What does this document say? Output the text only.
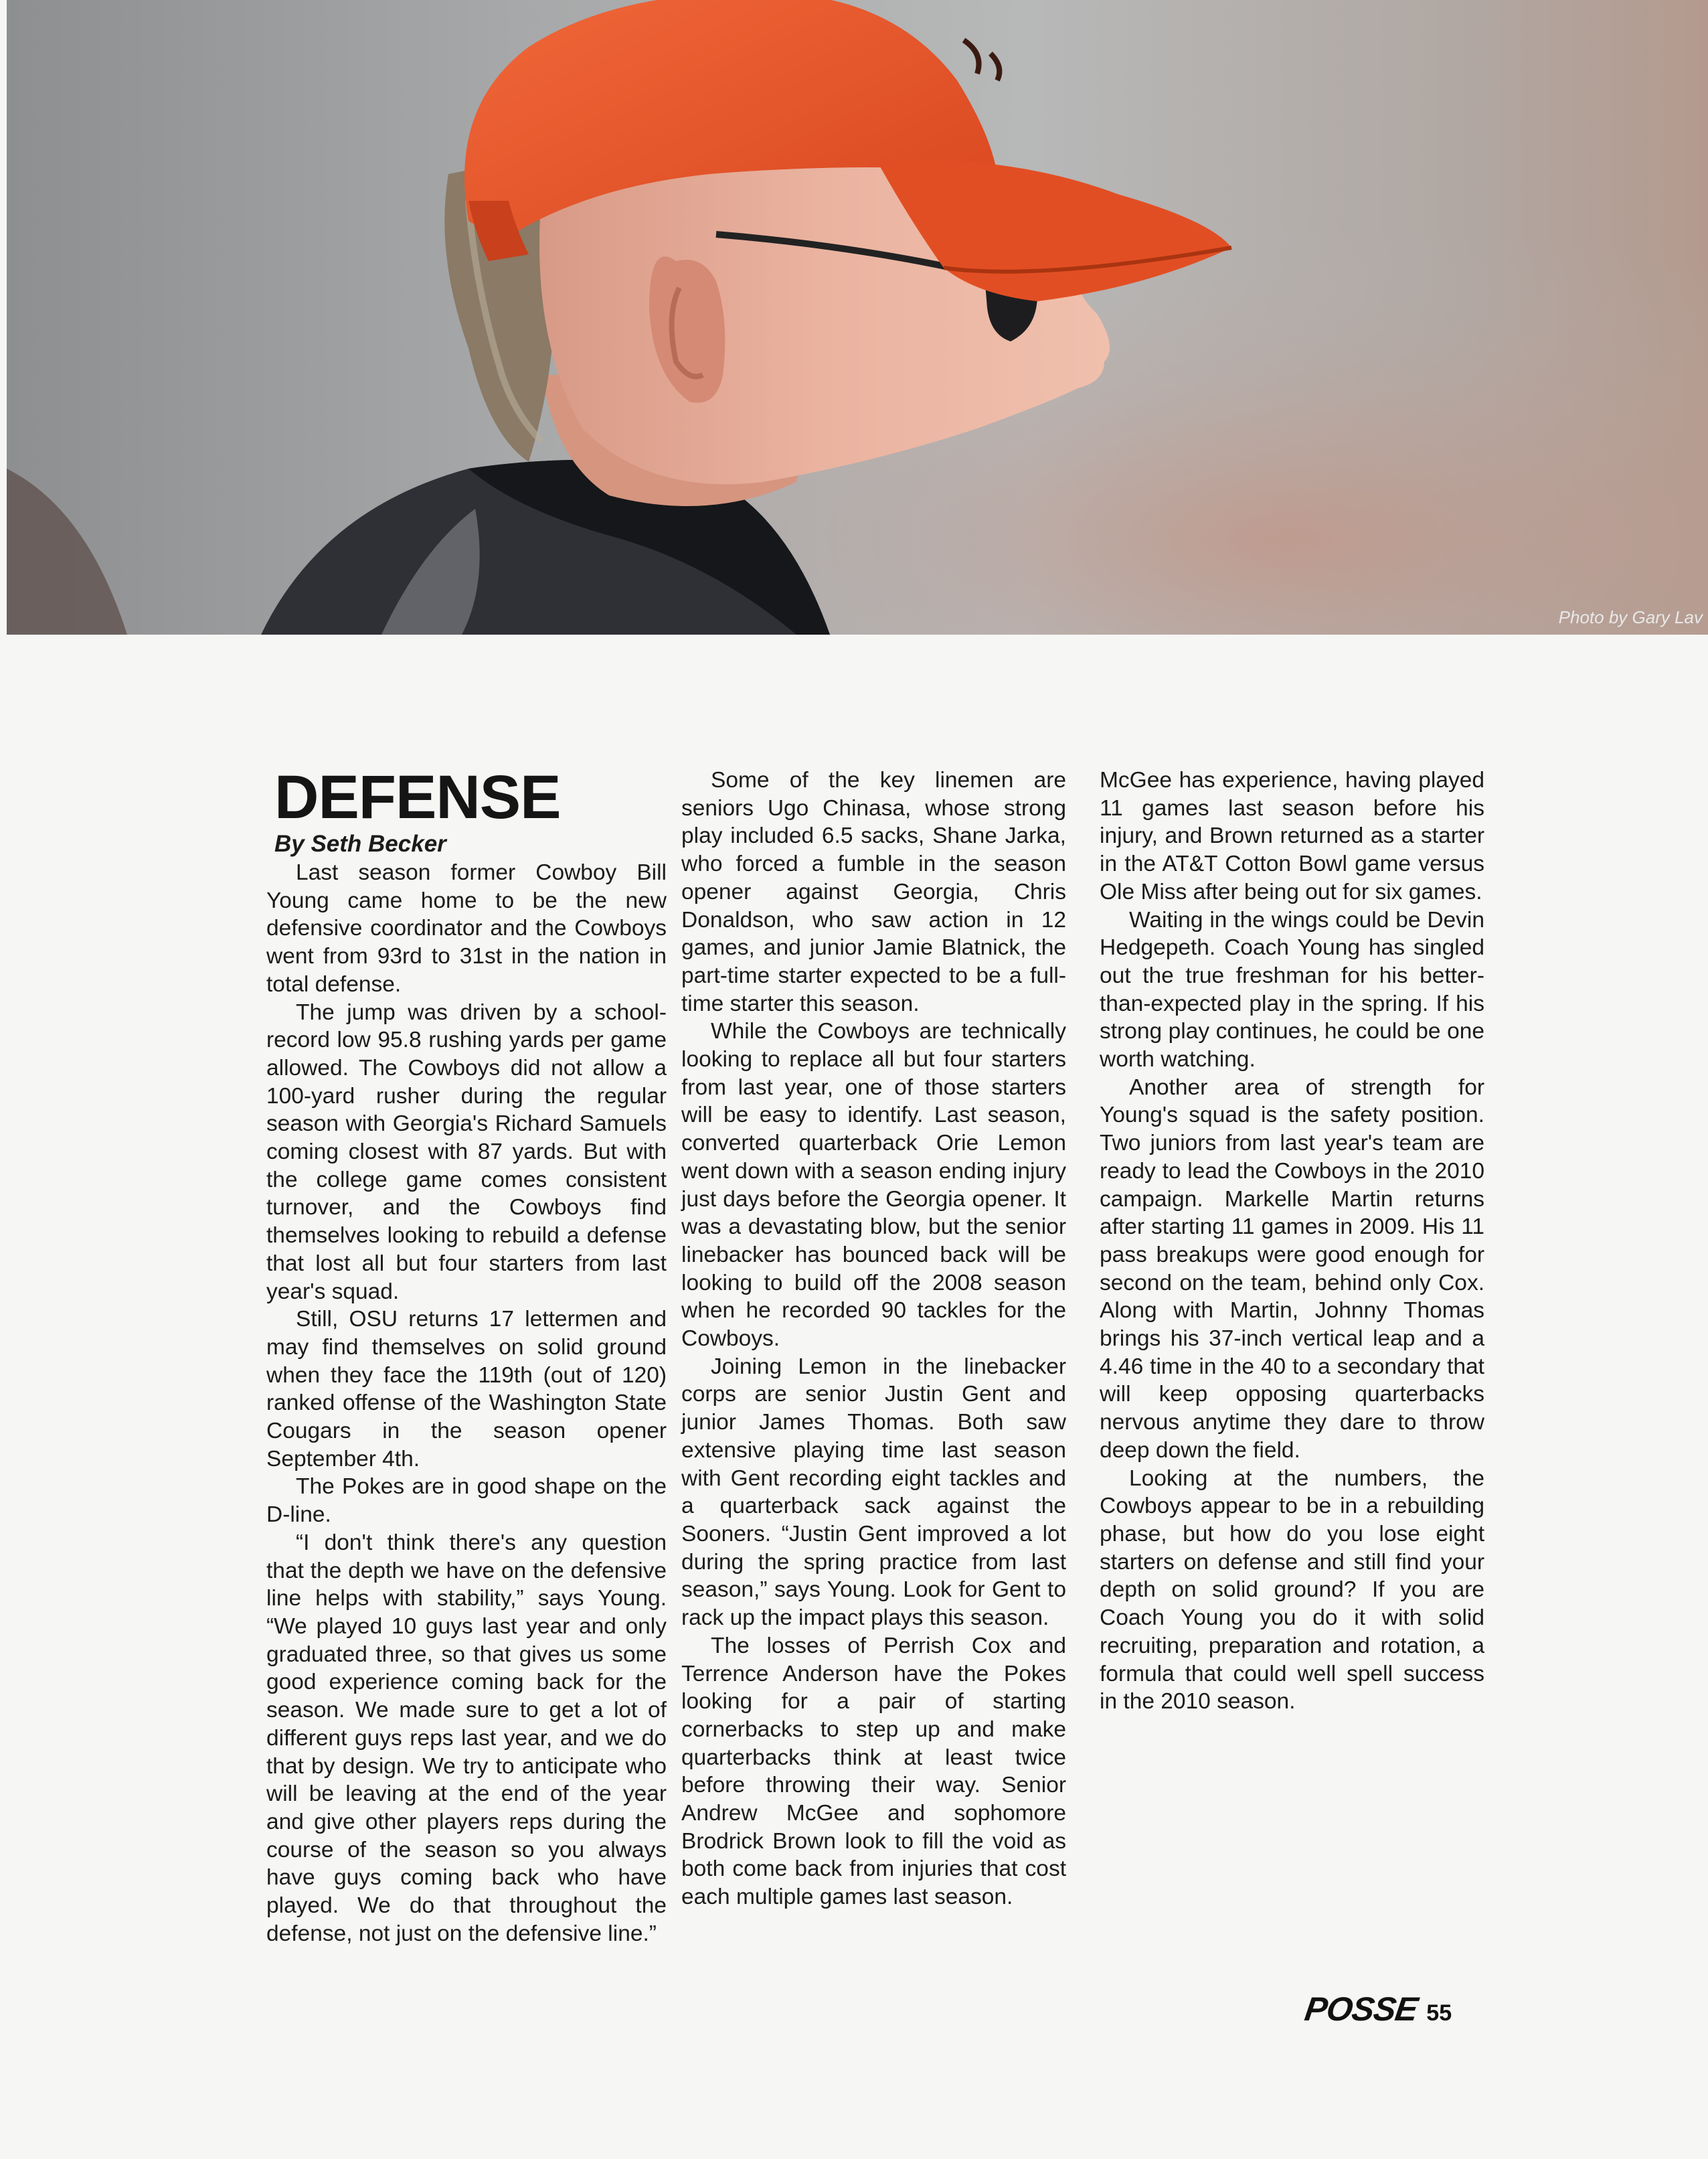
Photo by Gary Lav
DEFENSE
By Seth Becker

Last season former Cowboy Bill Young came home to be the new defensive coordinator and the Cowboys went from 93rd to 31st in the nation in total defense.

The jump was driven by a school-record low 95.8 rushing yards per game allowed. The Cowboys did not allow a 100-yard rusher during the regular season with Georgia's Richard Samuels coming closest with 87 yards. But with the college game comes consistent turnover, and the Cowboys find themselves looking to rebuild a defense that lost all but four starters from last year's squad.

Still, OSU returns 17 lettermen and may find themselves on solid ground when they face the 119th (out of 120) ranked offense of the Washington State Cougars in the season opener September 4th.

The Pokes are in good shape on the D-line.

“I don't think there's any question that the depth we have on the defensive line helps with stability,” says Young. “We played 10 guys last year and only graduated three, so that gives us some good experience coming back for the season. We made sure to get a lot of different guys reps last year, and we do that by design. We try to anticipate who will be leaving at the end of the year and give other players reps during the course of the season so you always have guys coming back who have played. We do that throughout the defense, not just on the defensive line.”

Some of the key linemen are seniors Ugo Chinasa, whose strong play included 6.5 sacks, Shane Jarka, who forced a fumble in the season opener against Georgia, Chris Donaldson, who saw action in 12 games, and junior Jamie Blatnick, the part-time starter expected to be a full-time starter this season.

While the Cowboys are technically looking to replace all but four starters from last year, one of those starters will be easy to identify. Last season, converted quarterback Orie Lemon went down with a season ending injury just days before the Georgia opener. It was a devastating blow, but the senior linebacker has bounced back will be looking to build off the 2008 season when he recorded 90 tackles for the Cowboys.

Joining Lemon in the linebacker corps are senior Justin Gent and junior James Thomas. Both saw extensive playing time last season with Gent recording eight tackles and a quarterback sack against the Sooners. “Justin Gent improved a lot during the spring practice from last season,” says Young. Look for Gent to rack up the impact plays this season.

The losses of Perrish Cox and Terrence Anderson have the Pokes looking for a pair of starting cornerbacks to step up and make quarterbacks think at least twice before throwing their way. Senior Andrew McGee and sophomore Brodrick Brown look to fill the void as both come back from injuries that cost each multiple games last season.

McGee has experience, having played 11 games last season before his injury, and Brown returned as a starter in the AT&T Cotton Bowl game versus Ole Miss after being out for six games.

Waiting in the wings could be Devin Hedgepeth. Coach Young has singled out the true freshman for his better-than-expected play in the spring. If his strong play continues, he could be one worth watching.

Another area of strength for Young's squad is the safety position. Two juniors from last year's team are ready to lead the Cowboys in the 2010 campaign. Markelle Martin returns after starting 11 games in 2009. His 11 pass breakups were good enough for second on the team, behind only Cox. Along with Martin, Johnny Thomas brings his 37-inch vertical leap and a 4.46 time in the 40 to a secondary that will keep opposing quarterbacks nervous anytime they dare to throw deep down the field.

Looking at the numbers, the Cowboys appear to be in a rebuilding phase, but how do you lose eight starters on defense and still find your depth on solid ground? If you are Coach Young you do it with solid recruiting, preparation and rotation, a formula that could well spell success in the 2010 season.

POSSE 55
